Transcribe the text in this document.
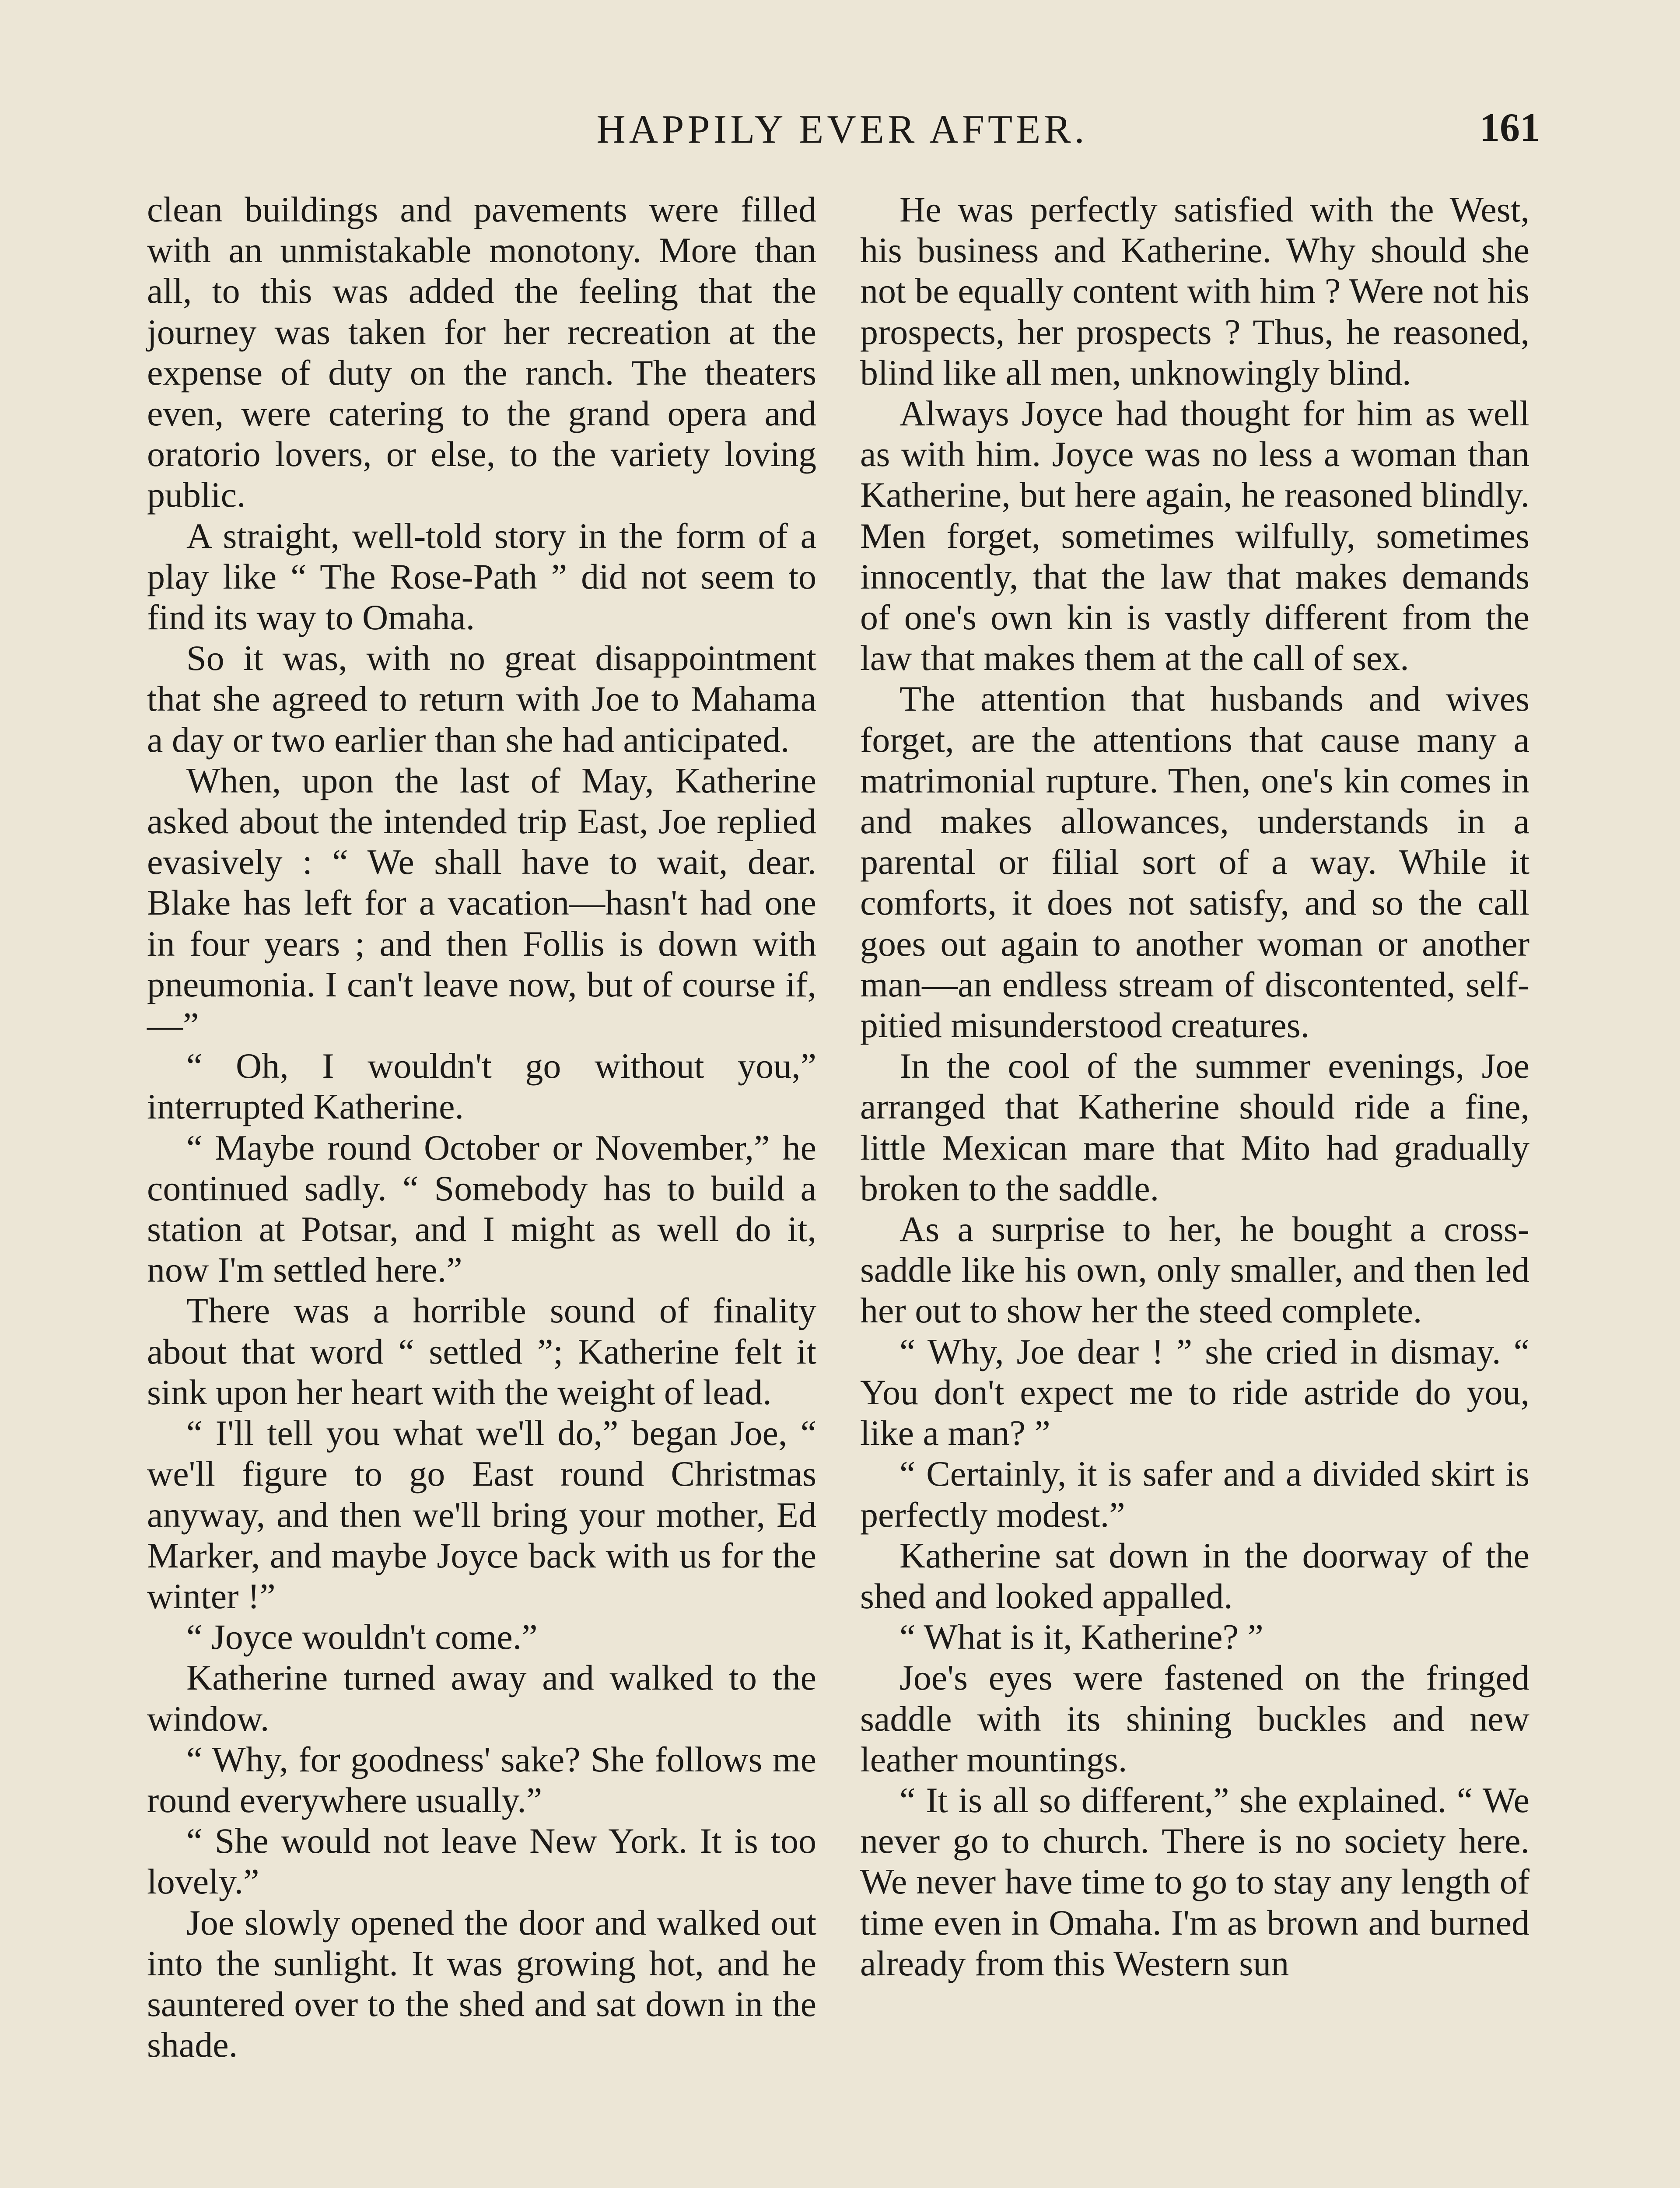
HAPPILY EVER AFTER.	161

clean buildings and pavements were filled with an unmistakable monotony. More than all, to this was added the feeling that the journey was taken for her recreation at the expense of duty on the ranch. The theaters even, were catering to the grand opera and oratorio lovers, or else, to the variety loving public.

A straight, well-told story in the form of a play like “ The Rose-Path ” did not seem to find its way to Omaha.

So it was, with no great disappointment that she agreed to return with Joe to Mahama a day or two earlier than she had anticipated.

When, upon the last of May, Katherine asked about the intended trip East, Joe replied evasively : “ We shall have to wait, dear. Blake has left for a vacation—hasn't had one in four years ; and then Follis is down with pneumonia. I can't leave now, but of course if,—”

“ Oh, I wouldn't go without you,” interrupted Katherine.

“ Maybe round October or November,” he continued sadly. “ Somebody has to build a station at Potsar, and I might as well do it, now I'm settled here.”

There was a horrible sound of finality about that word “ settled ”; Katherine felt it sink upon her heart with the weight of lead.

“ I'll tell you what we'll do,” began Joe, “ we'll figure to go East round Christmas anyway, and then we'll bring your mother, Ed Marker, and maybe Joyce back with us for the winter !”

“ Joyce wouldn't come.”

Katherine turned away and walked to the window.

“ Why, for goodness' sake? She follows me round everywhere usually.”

“ She would not leave New York. It is too lovely.”

Joe slowly opened the door and walked out into the sunlight. It was growing hot, and he sauntered over to the shed and sat down in the shade.

He was perfectly satisfied with the West, his business and Katherine. Why should she not be equally content with him ? Were not his prospects, her prospects ? Thus, he reasoned, blind like all men, unknowingly blind.

Always Joyce had thought for him as well as with him. Joyce was no less a woman than Katherine, but here again, he reasoned blindly. Men forget, sometimes wilfully, sometimes innocently, that the law that makes demands of one's own kin is vastly different from the law that makes them at the call of sex.

The attention that husbands and wives forget, are the attentions that cause many a matrimonial rupture. Then, one's kin comes in and makes allowances, understands in a parental or filial sort of a way. While it comforts, it does not satisfy, and so the call goes out again to another woman or another man—an endless stream of discontented, self-pitied misunderstood creatures.

In the cool of the summer evenings, Joe arranged that Katherine should ride a fine, little Mexican mare that Mito had gradually broken to the saddle.

As a surprise to her, he bought a cross-saddle like his own, only smaller, and then led her out to show her the steed complete.

“ Why, Joe dear ! ” she cried in dismay. “ You don't expect me to ride astride do you, like a man? ”

“ Certainly, it is safer and a divided skirt is perfectly modest.”

Katherine sat down in the doorway of the shed and looked appalled.

“ What is it, Katherine? ”

Joe's eyes were fastened on the fringed saddle with its shining buckles and new leather mountings.

“ It is all so different,” she explained. “ We never go to church. There is no society here. We never have time to go to stay any length of time even in Omaha. I'm as brown and burned already from this Western sun
